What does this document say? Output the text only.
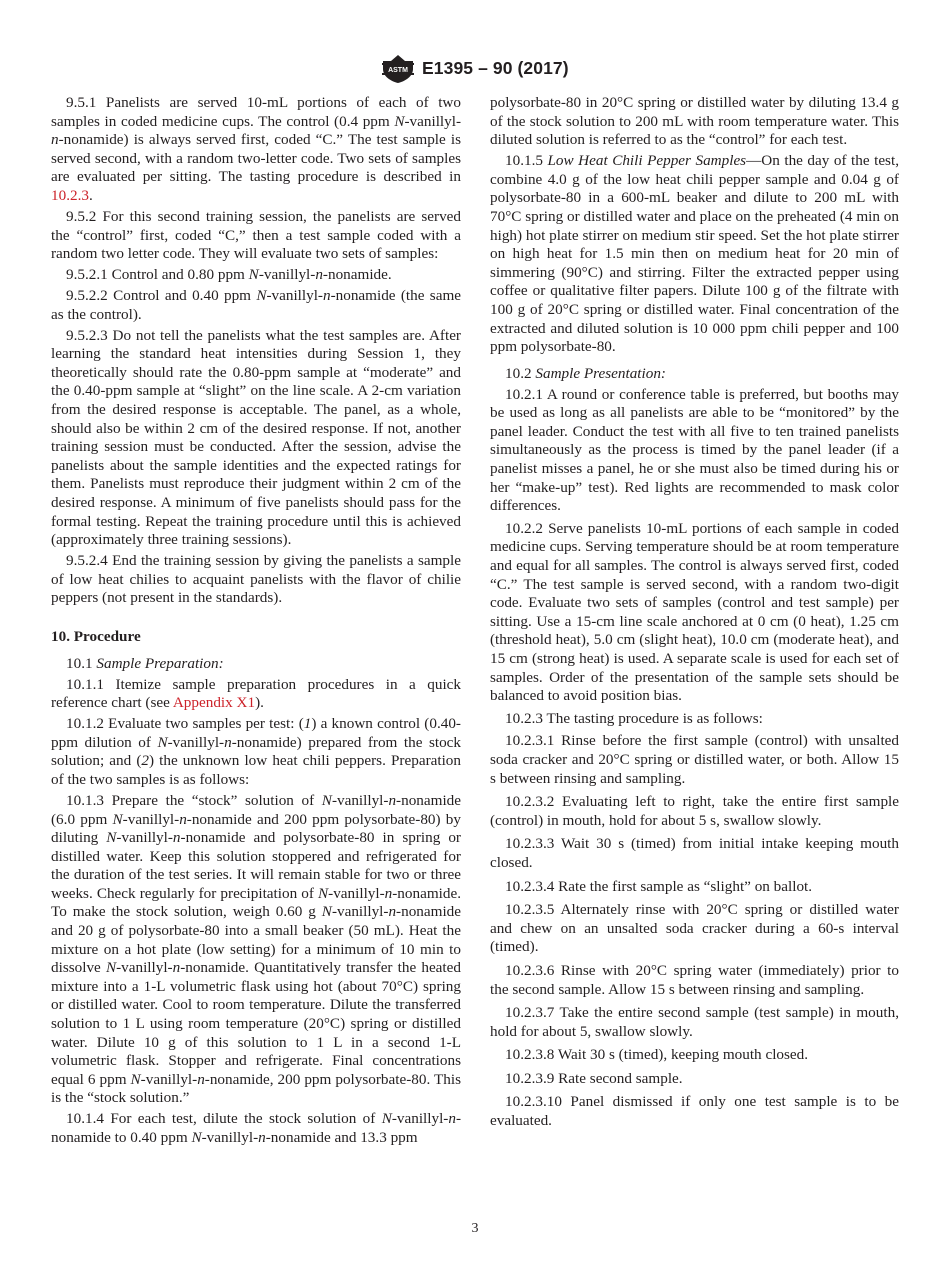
ASTM E1395 – 90 (2017)

9.5.1 Panelists are served 10-mL portions of each of two samples in coded medicine cups. The control (0.4 ppm N-vanillyl-n-nonamide) is always served first, coded “C.” The test sample is served second, with a random two-letter code. Two sets of samples are evaluated per sitting. The tasting procedure is described in 10.2.3.

9.5.2 For this second training session, the panelists are served the “control” first, coded “C,” then a test sample coded with a random two letter code. They will evaluate two sets of samples:

9.5.2.1 Control and 0.80 ppm N-vanillyl-n-nonamide.

9.5.2.2 Control and 0.40 ppm N-vanillyl-n-nonamide (the same as the control).

9.5.2.3 Do not tell the panelists what the test samples are. After learning the standard heat intensities during Session 1, they theoretically should rate the 0.80-ppm sample at “moderate” and the 0.40-ppm sample at “slight” on the line scale. A 2-cm variation from the desired response is acceptable. The panel, as a whole, should also be within 2 cm of the desired response. If not, another training session must be conducted. After the session, advise the panelists about the sample identities and the expected ratings for them. Panelists must reproduce their judgment within 2 cm of the desired response. A minimum of five panelists should pass for the formal testing. Repeat the training procedure until this is achieved (approximately three training sessions).

9.5.2.4 End the training session by giving the panelists a sample of low heat chilies to acquaint panelists with the flavor of chilie peppers (not present in the standards).

10. Procedure

10.1 Sample Preparation:

10.1.1 Itemize sample preparation procedures in a quick reference chart (see Appendix X1).

10.1.2 Evaluate two samples per test: (1) a known control (0.40-ppm dilution of N-vanillyl-n-nonamide) prepared from the stock solution; and (2) the unknown low heat chili peppers. Preparation of the two samples is as follows:

10.1.3 Prepare the “stock” solution of N-vanillyl-n-nonamide (6.0 ppm N-vanillyl-n-nonamide and 200 ppm polysorbate-80) by diluting N-vanillyl-n-nonamide and polysorbate-80 in spring or distilled water. Keep this solution stoppered and refrigerated for the duration of the test series. It will remain stable for two or three weeks. Check regularly for precipitation of N-vanillyl-n-nonamide. To make the stock solution, weigh 0.60 g N-vanillyl-n-nonamide and 20 g of polysorbate-80 into a small beaker (50 mL). Heat the mixture on a hot plate (low setting) for a minimum of 10 min to dissolve N-vanillyl-n-nonamide. Quantitatively transfer the heated mixture into a 1-L volumetric flask using hot (about 70°C) spring or distilled water. Cool to room temperature. Dilute the transferred solution to 1 L using room temperature (20°C) spring or distilled water. Dilute 10 g of this solution to 1 L in a second 1-L volumetric flask. Stopper and refrigerate. Final concentrations equal 6 ppm N-vanillyl-n-nonamide, 200 ppm polysorbate-80. This is the “stock solution.”

10.1.4 For each test, dilute the stock solution of N-vanillyl-n-nonamide to 0.40 ppm N-vanillyl-n-nonamide and 13.3 ppm

polysorbate-80 in 20°C spring or distilled water by diluting 13.4 g of the stock solution to 200 mL with room temperature water. This diluted solution is referred to as the “control” for each test.

10.1.5 Low Heat Chili Pepper Samples—On the day of the test, combine 4.0 g of the low heat chili pepper sample and 0.04 g of polysorbate-80 in a 600-mL beaker and dilute to 200 mL with 70°C spring or distilled water and place on the preheated (4 min on high) hot plate stirrer on medium stir speed. Set the hot plate stirrer on high heat for 1.5 min then on medium heat for 20 min of simmering (90°C) and stirring. Filter the extracted pepper using coffee or qualitative filter papers. Dilute 100 g of the filtrate with 100 g of 20°C spring or distilled water. Final concentration of the extracted and diluted solution is 10 000 ppm chili pepper and 100 ppm polysorbate-80.

10.2 Sample Presentation:

10.2.1 A round or conference table is preferred, but booths may be used as long as all panelists are able to be “monitored” by the panel leader. Conduct the test with all five to ten trained panelists simultaneously as the process is timed by the panel leader (if a panelist misses a panel, he or she must also be timed during his or her “make-up” test). Red lights are recommended to mask color differences.

10.2.2 Serve panelists 10-mL portions of each sample in coded medicine cups. Serving temperature should be at room temperature and equal for all samples. The control is always served first, coded “C.” The test sample is served second, with a random two-digit code. Evaluate two sets of samples (control and test sample) per sitting. Use a 15-cm line scale anchored at 0 cm (0 heat), 1.25 cm (threshold heat), 5.0 cm (slight heat), 10.0 cm (moderate heat), and 15 cm (strong heat) is used. A separate scale is used for each set of samples. Order of the presentation of the sample sets should be balanced to avoid position bias.

10.2.3 The tasting procedure is as follows:

10.2.3.1 Rinse before the first sample (control) with unsalted soda cracker and 20°C spring or distilled water, or both. Allow 15 s between rinsing and sampling.

10.2.3.2 Evaluating left to right, take the entire first sample (control) in mouth, hold for about 5 s, swallow slowly.

10.2.3.3 Wait 30 s (timed) from initial intake keeping mouth closed.

10.2.3.4 Rate the first sample as “slight” on ballot.

10.2.3.5 Alternately rinse with 20°C spring or distilled water and chew on an unsalted soda cracker during a 60-s interval (timed).

10.2.3.6 Rinse with 20°C spring water (immediately) prior to the second sample. Allow 15 s between rinsing and sampling.

10.2.3.7 Take the entire second sample (test sample) in mouth, hold for about 5, swallow slowly.

10.2.3.8 Wait 30 s (timed), keeping mouth closed.

10.2.3.9 Rate second sample.

10.2.3.10 Panel dismissed if only one test sample is to be evaluated.

3
